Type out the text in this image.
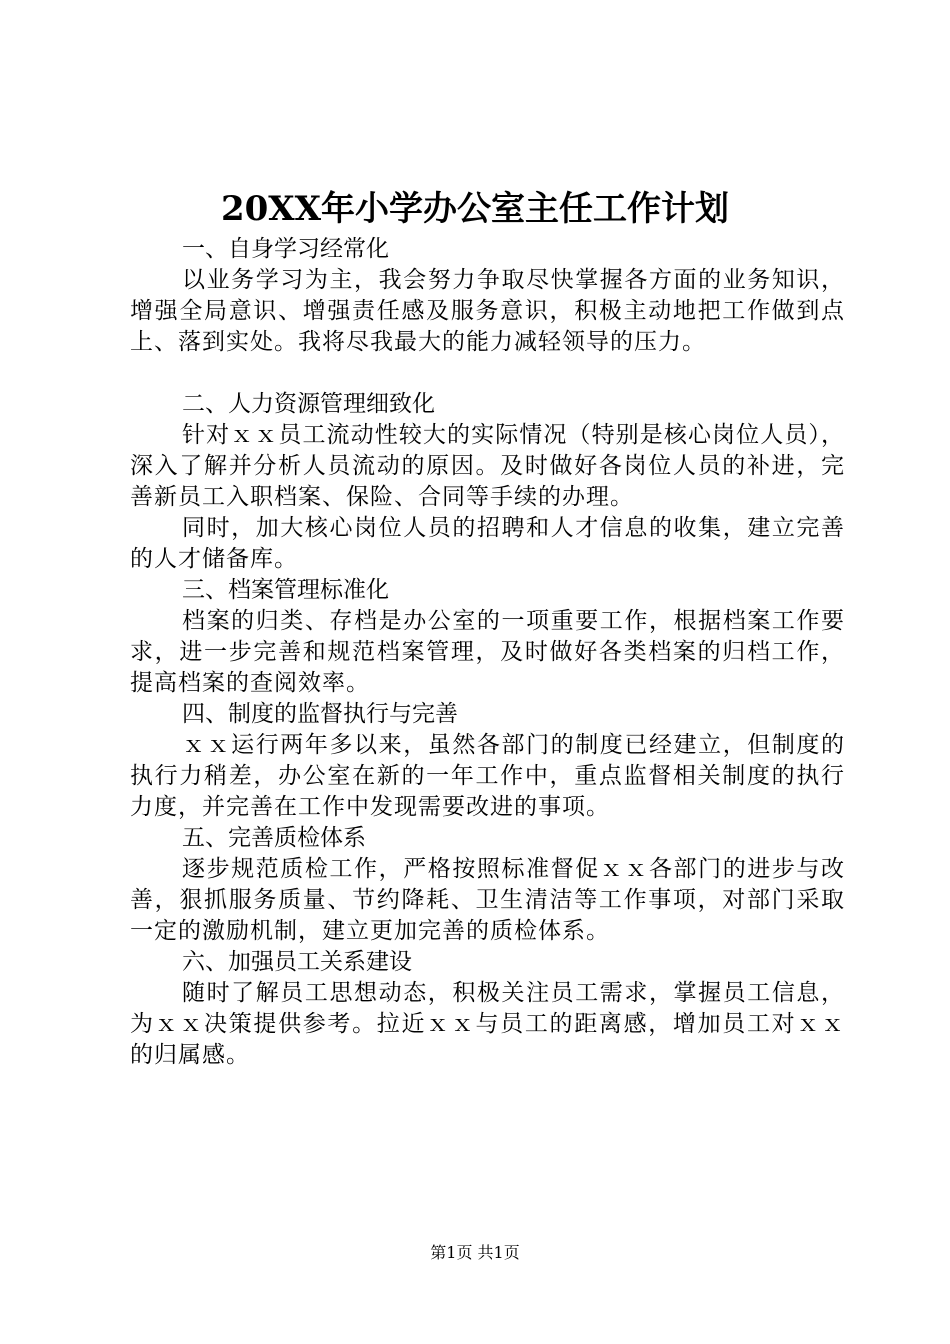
20XX年小学办公室主任工作计划

一、自身学习经常化

以业务学习为主，我会努力争取尽快掌握各方面的业务知识，增强全局意识、增强责任感及服务意识，积极主动地把工作做到点上、落到实处。我将尽我最大的能力减轻领导的压力。

二、人力资源管理细致化

针对ｘｘ员工流动性较大的实际情况（特别是核心岗位人员），深入了解并分析人员流动的原因。及时做好各岗位人员的补进，完善新员工入职档案、保险、合同等手续的办理。

同时，加大核心岗位人员的招聘和人才信息的收集，建立完善的人才储备库。

三、档案管理标准化

档案的归类、存档是办公室的一项重要工作，根据档案工作要求，进一步完善和规范档案管理，及时做好各类档案的归档工作，提高档案的查阅效率。

四、制度的监督执行与完善

ｘｘ运行两年多以来，虽然各部门的制度已经建立，但制度的执行力稍差，办公室在新的一年工作中，重点监督相关制度的执行力度，并完善在工作中发现需要改进的事项。

五、完善质检体系

逐步规范质检工作，严格按照标准督促ｘｘ各部门的进步与改善，狠抓服务质量、节约降耗、卫生清洁等工作事项，对部门采取一定的激励机制，建立更加完善的质检体系。

六、加强员工关系建设

随时了解员工思想动态，积极关注员工需求，掌握员工信息，为ｘｘ决策提供参考。拉近ｘｘ与员工的距离感，增加员工对ｘｘ的归属感。

第1页 共1页
